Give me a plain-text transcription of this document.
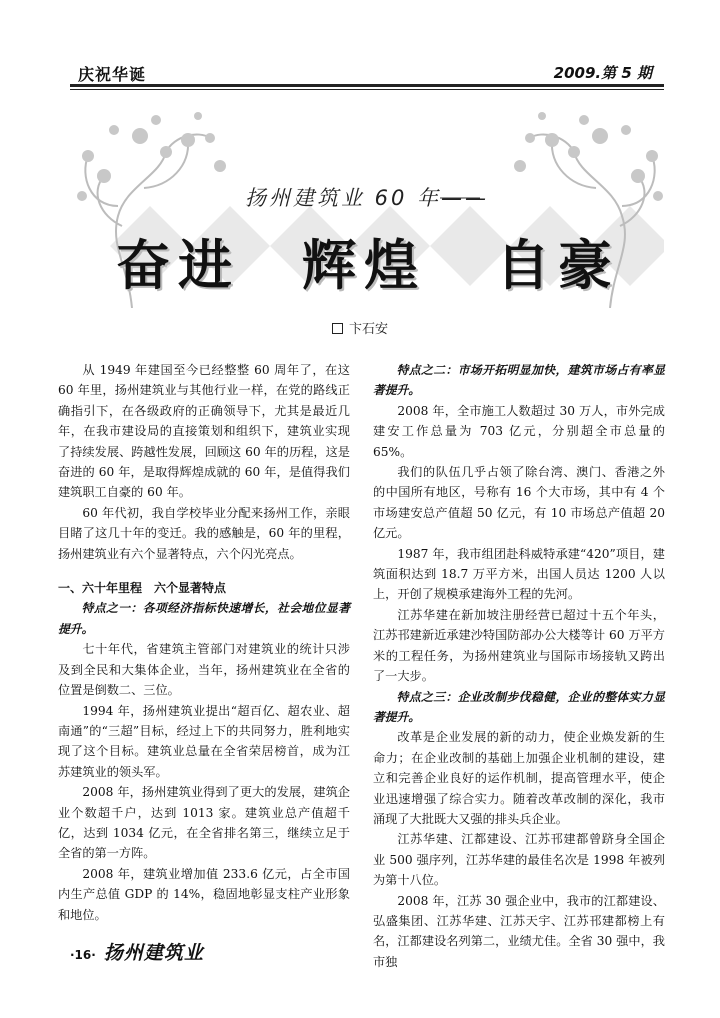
庆祝华诞	2009.第 5 期
扬州建筑业 60 年——
奋进 辉煌 自豪
卞石安

从 1949 年建国至今已经整整 60 周年了，在这 60 年里，扬州建筑业与其他行业一样，在党的路线正确指引下，在各级政府的正确领导下，尤其是最近几年，在我市建设局的直接策划和组织下，建筑业实现了持续发展、跨越性发展，回顾这 60 年的历程，这是奋进的 60 年，是取得辉煌成就的 60 年，是值得我们建筑职工自豪的 60 年。

60 年代初，我自学校毕业分配来扬州工作，亲眼目睹了这几十年的变迁。我的感触是，60 年的里程，扬州建筑业有六个显著特点，六个闪光亮点。

一、六十年里程　六个显著特点

特点之一：各项经济指标快速增长，社会地位显著提升。

七十年代，省建筑主管部门对建筑业的统计只涉及到全民和大集体企业，当年，扬州建筑业在全省的位置是倒数二、三位。

1994 年，扬州建筑业提出“超百亿、超农业、超南通”的“三超”目标，经过上下的共同努力，胜利地实现了这个目标。建筑业总量在全省荣居榜首，成为江苏建筑业的领头军。

2008 年，扬州建筑业得到了更大的发展，建筑企业个数超千户，达到 1013 家。建筑业总产值超千亿，达到 1034 亿元，在全省排名第三，继续立足于全省的第一方阵。

2008 年，建筑业增加值 233.6 亿元，占全市国内生产总值 GDP 的 14%，稳固地彰显支柱产业形象和地位。

特点之二：市场开拓明显加快，建筑市场占有率显著提升。

2008 年，全市施工人数超过 30 万人，市外完成建安工作总量为 703 亿元，分别超全市总量的 65%。

我们的队伍几乎占领了除台湾、澳门、香港之外的中国所有地区，号称有 16 个大市场，其中有 4 个市场建安总产值超 50 亿元，有 10 市场总产值超 20 亿元。

1987 年，我市组团赴科威特承建“420”项目，建筑面积达到 18.7 万平方米，出国人员达 1200 人以上，开创了规模承建海外工程的先河。

江苏华建在新加坡注册经营已超过十五个年头，江苏邗建新近承建沙特国防部办公大楼等计 60 万平方米的工程任务，为扬州建筑业与国际市场接轨又跨出了一大步。

特点之三：企业改制步伐稳健，企业的整体实力显著提升。

改革是企业发展的新的动力，使企业焕发新的生命力；在企业改制的基础上加强企业机制的建设，建立和完善企业良好的运作机制，提高管理水平，使企业迅速增强了综合实力。随着改革改制的深化，我市涌现了大批既大又强的排头兵企业。

江苏华建、江都建设、江苏邗建都曾跻身全国企业 500 强序列，江苏华建的最佳名次是 1998 年被列为第十八位。

2008 年，江苏 30 强企业中，我市的江都建设、弘盛集团、江苏华建、江苏天宇、江苏邗建都榜上有名，江都建设名列第二，业绩尤佳。全省 30 强中，我市独

·16· 扬州建筑业
